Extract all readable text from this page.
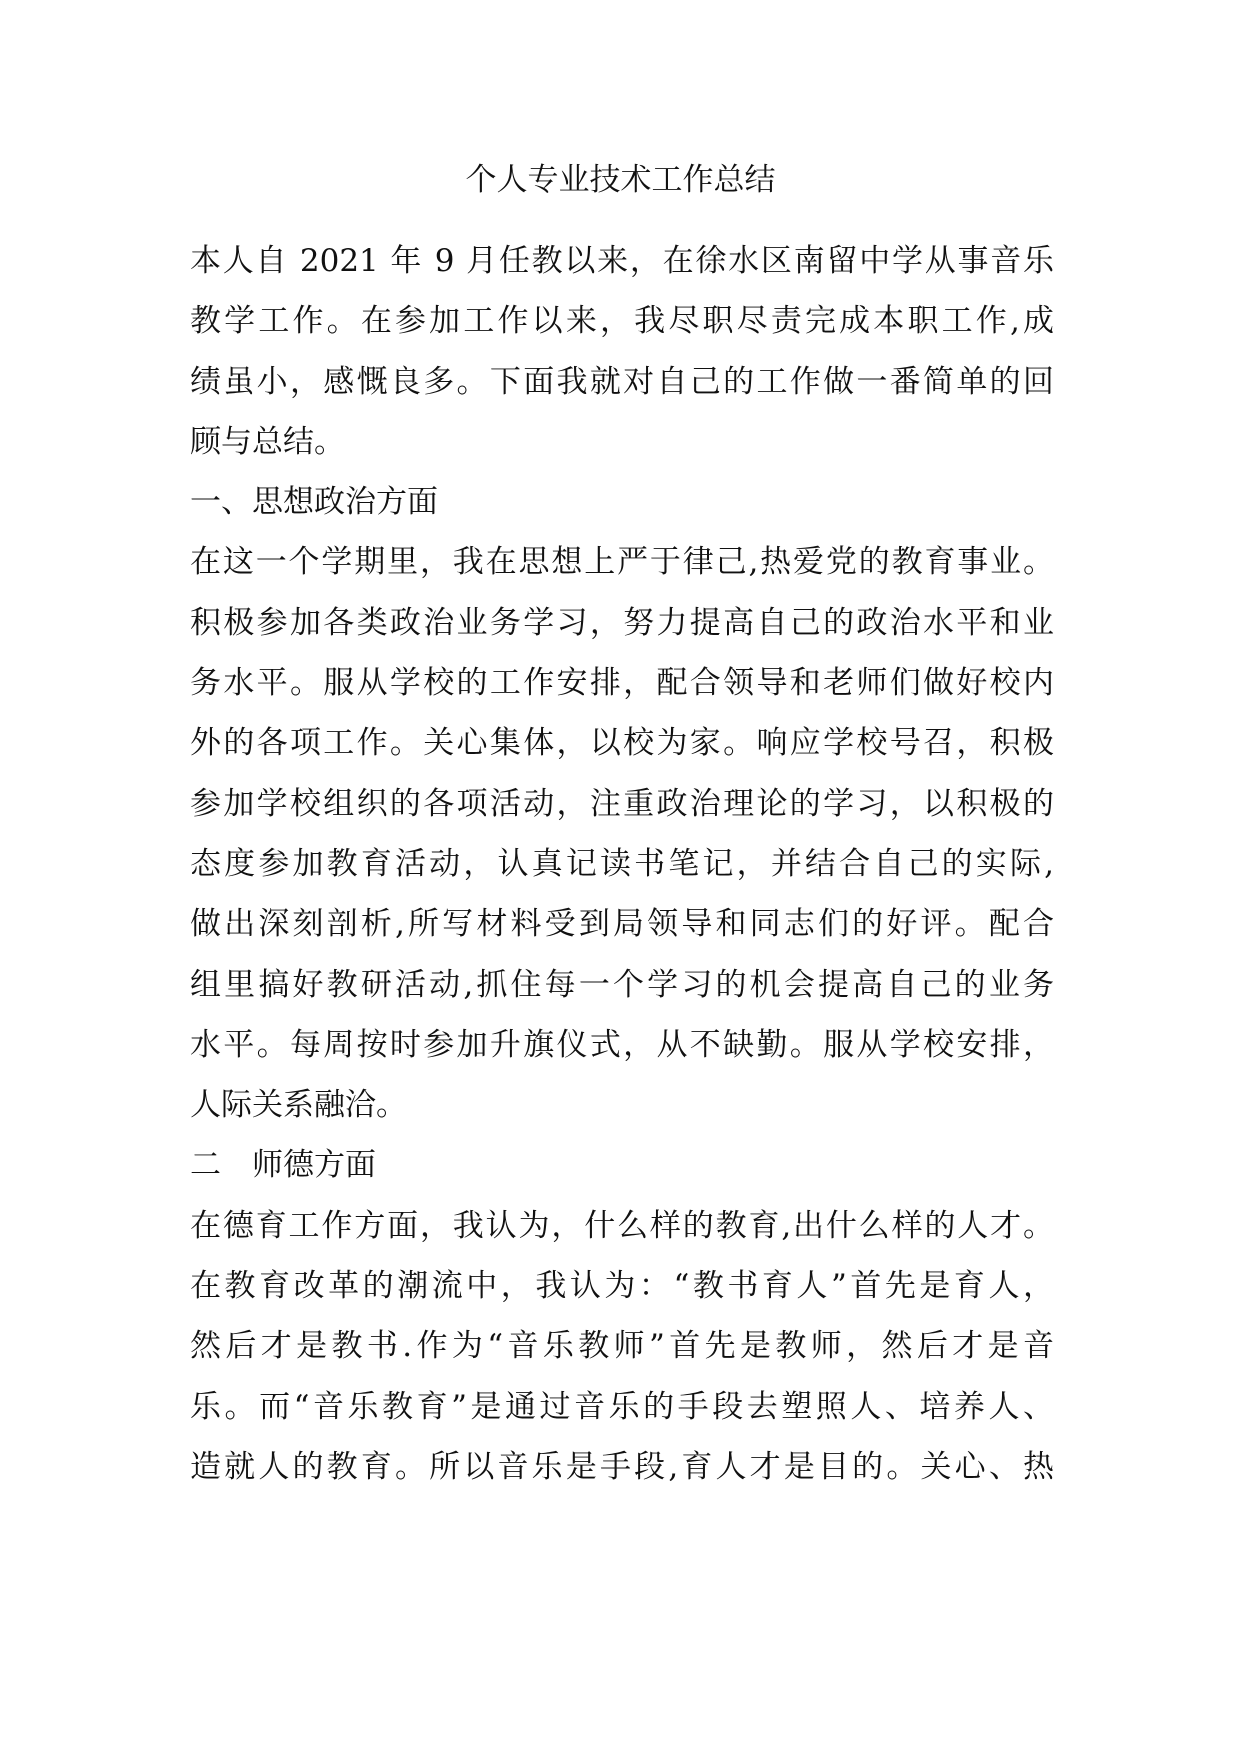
个人专业技术工作总结

本人自 2021 年 9 月任教以来，在徐水区南留中学从事音乐

教学工作。在参加工作以来，我尽职尽责完成本职工作,成

绩虽小，感慨良多。下面我就对自己的工作做一番简单的回

顾与总结。

一、思想政治方面

在这一个学期里，我在思想上严于律己,热爱党的教育事业。

积极参加各类政治业务学习，努力提高自己的政治水平和业

务水平。服从学校的工作安排，配合领导和老师们做好校内

外的各项工作。关心集体，以校为家。响应学校号召，积极

参加学校组织的各项活动，注重政治理论的学习，以积极的

态度参加教育活动，认真记读书笔记，并结合自己的实际,

做出深刻剖析,所写材料受到局领导和同志们的好评。配合

组里搞好教研活动,抓住每一个学习的机会提高自己的业务

水平。每周按时参加升旗仪式，从不缺勤。服从学校安排，

人际关系融洽。

二　师德方面

在德育工作方面，我认为，什么样的教育,出什么样的人才。

在教育改革的潮流中，我认为：“教书育人”首先是育人，

然后才是教书.作为“音乐教师”首先是教师，然后才是音

乐。而“音乐教育”是通过音乐的手段去塑照人、培养人、

造就人的教育。所以音乐是手段,育人才是目的。关心、热
